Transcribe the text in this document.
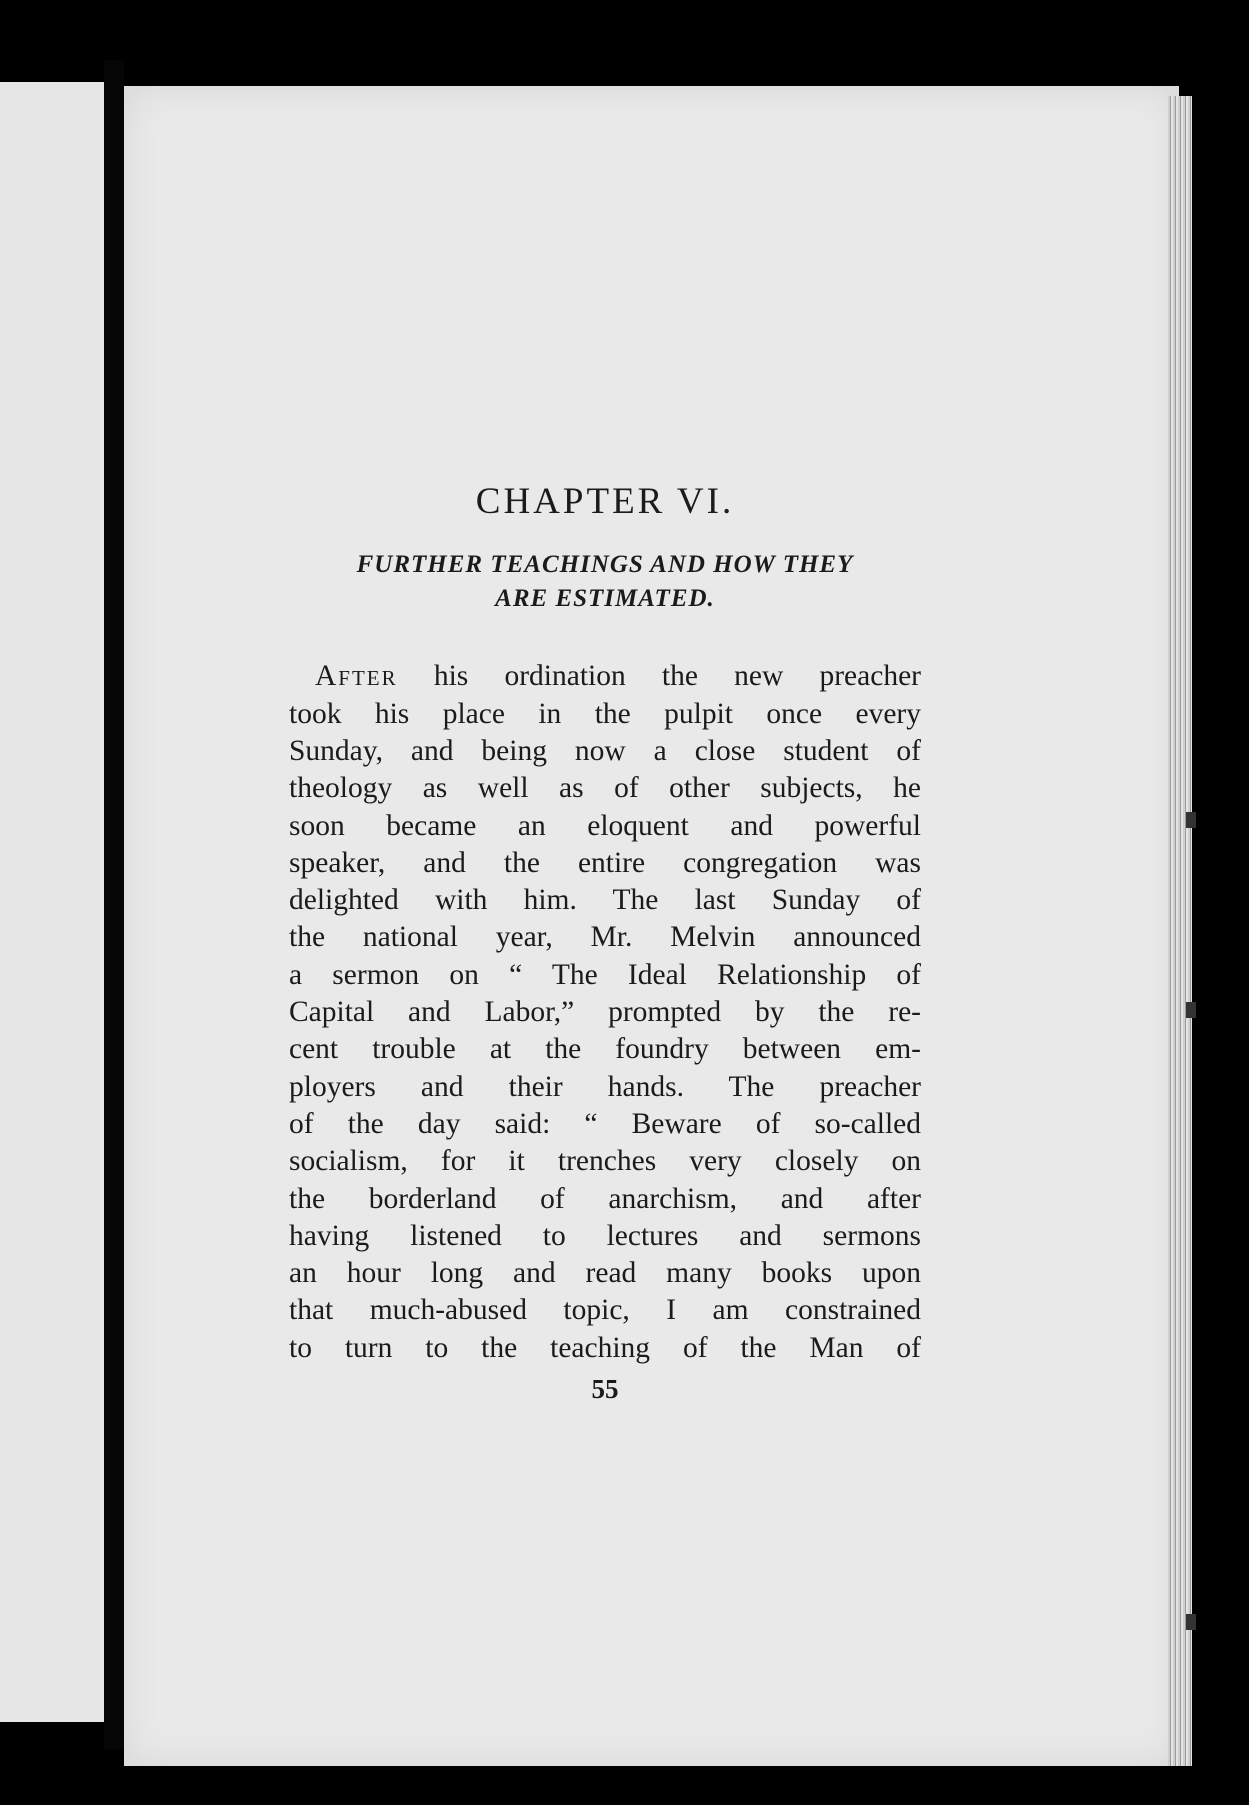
CHAPTER VI.
FURTHER TEACHINGS AND HOW THEY
ARE ESTIMATED.

After his ordination the new preacher
took his place in the pulpit once every
Sunday, and being now a close student of
theology as well as of other subjects, he
soon became an eloquent and powerful
speaker, and the entire congregation was
delighted with him. The last Sunday of
the national year, Mr. Melvin announced
a sermon on “ The Ideal Relationship of
Capital and Labor,” prompted by the re-
cent trouble at the foundry between em-
ployers and their hands. The preacher
of the day said: “ Beware of so-called
socialism, for it trenches very closely on
the borderland of anarchism, and after
having listened to lectures and sermons
an hour long and read many books upon
that much-abused topic, I am constrained
to turn to the teaching of the Man of

55
